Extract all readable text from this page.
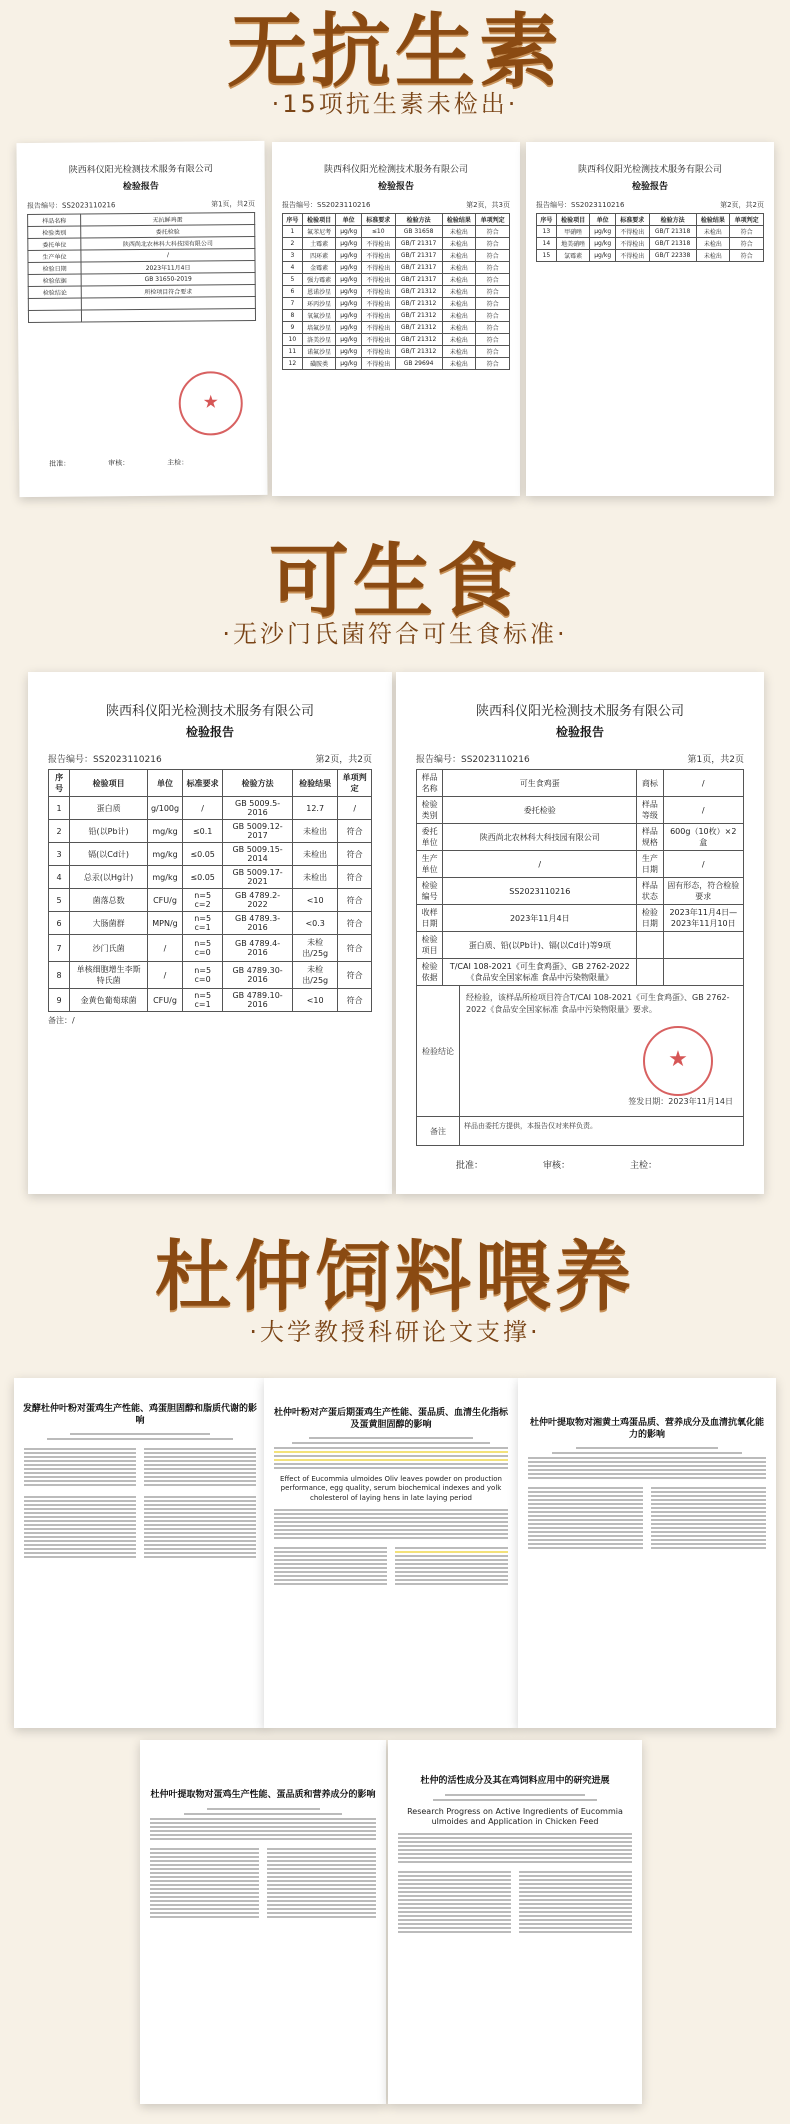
无抗生素
·15项抗生素未检出·
陕西科仪阳光检测技术服务有限公司
检验报告
报告编号：SS2023110216	第1页，共2页
样品名称	无抗鲜鸡蛋
检验类别	委托检验
委托单位	陕西尚北农林科大科技园有限公司
生产单位	/
检验日期	2023年11月4日
检验依据	GB 31650-2019
检验结论	所检项目符合要求

★
批准：	审核：	主检：
陕西科仪阳光检测技术服务有限公司
检验报告
报告编号：SS2023110216	第2页，共3页
序号	检验项目	单位	标准要求	检验方法	检验结果	单项判定
1	氟苯尼考	μg/kg	≤10	GB 31658	未检出	符合
2	土霉素	μg/kg	不得检出	GB/T 21317	未检出	符合
3	四环素	μg/kg	不得检出	GB/T 21317	未检出	符合
4	金霉素	μg/kg	不得检出	GB/T 21317	未检出	符合
5	强力霉素	μg/kg	不得检出	GB/T 21317	未检出	符合
6	恩诺沙星	μg/kg	不得检出	GB/T 21312	未检出	符合
7	环丙沙星	μg/kg	不得检出	GB/T 21312	未检出	符合
8	氧氟沙星	μg/kg	不得检出	GB/T 21312	未检出	符合
9	培氟沙星	μg/kg	不得检出	GB/T 21312	未检出	符合
10	洛美沙星	μg/kg	不得检出	GB/T 21312	未检出	符合
11	诺氟沙星	μg/kg	不得检出	GB/T 21312	未检出	符合
12	磺胺类	μg/kg	不得检出	GB 29694	未检出	符合
陕西科仪阳光检测技术服务有限公司
检验报告
报告编号：SS2023110216	第2页，共2页
序号	检验项目	单位	标准要求	检验方法	检验结果	单项判定
13	甲硝唑	μg/kg	不得检出	GB/T 21318	未检出	符合
14	地美硝唑	μg/kg	不得检出	GB/T 21318	未检出	符合
15	氯霉素	μg/kg	不得检出	GB/T 22338	未检出	符合
可生食
·无沙门氏菌符合可生食标准·
陕西科仪阳光检测技术服务有限公司
检验报告
报告编号：SS2023110216	第2页，共2页
序号	检验项目	单位	标准要求	检验方法	检验结果	单项判定
1	蛋白质	g/100g	/	GB 5009.5-2016	12.7	/
2	铅(以Pb计)	mg/kg	≤0.1	GB 5009.12-2017	未检出	符合
3	镉(以Cd计)	mg/kg	≤0.05	GB 5009.15-2014	未检出	符合
4	总汞(以Hg计)	mg/kg	≤0.05	GB 5009.17-2021	未检出	符合
5	菌落总数	CFU/g	n=5 c=2	GB 4789.2-2022	<10	符合
6	大肠菌群	MPN/g	n=5 c=1	GB 4789.3-2016	<0.3	符合
7	沙门氏菌	/	n=5 c=0	GB 4789.4-2016	未检出/25g	符合
8	单核细胞增生李斯特氏菌	/	n=5 c=0	GB 4789.30-2016	未检出/25g	符合
9	金黄色葡萄球菌	CFU/g	n=5 c=1	GB 4789.10-2016	<10	符合
备注：/
陕西科仪阳光检测技术服务有限公司
检验报告
报告编号：SS2023110216	第1页，共2页
样品名称	可生食鸡蛋	商标	/
检验类别	委托检验	样品等级	/
委托单位	陕西尚北农林科大科技园有限公司	样品规格	600g（10枚）×2盒
生产单位	/	生产日期	/
检验编号	SS2023110216	样品状态	固有形态，符合检验要求
收样日期	2023年11月4日	检验日期	2023年11月4日—2023年11月10日
检验项目	蛋白质、铅(以Pb计)、镉(以Cd计)等9项		
检验依据	T/CAI 108-2021《可生食鸡蛋》、GB 2762-2022《食品安全国家标准 食品中污染物限量》		
检验结论
经检验，该样品所检项目符合T/CAI 108-2021《可生食鸡蛋》、GB 2762-2022《食品安全国家标准 食品中污染物限量》要求。
签发日期：2023年11月14日
★
备注
样品由委托方提供，本报告仅对来样负责。
批准：	审核：	主检：
杜仲饲料喂养
·大学教授科研论文支撑·
发酵杜仲叶粉对蛋鸡生产性能、鸡蛋胆固醇和脂质代谢的影响
杜仲叶粉对产蛋后期蛋鸡生产性能、蛋品质、血清生化指标及蛋黄胆固醇的影响
Effect of Eucommia ulmoides Oliv leaves powder on production performance, egg quality, serum biochemical indexes and yolk cholesterol of laying hens in late laying period
杜仲叶提取物对湘黄土鸡蛋品质、营养成分及血清抗氧化能力的影响
杜仲叶提取物对蛋鸡生产性能、蛋品质和营养成分的影响
杜仲的活性成分及其在鸡饲料应用中的研究进展
Research Progress on Active Ingredients of Eucommia ulmoides and Application in Chicken Feed
